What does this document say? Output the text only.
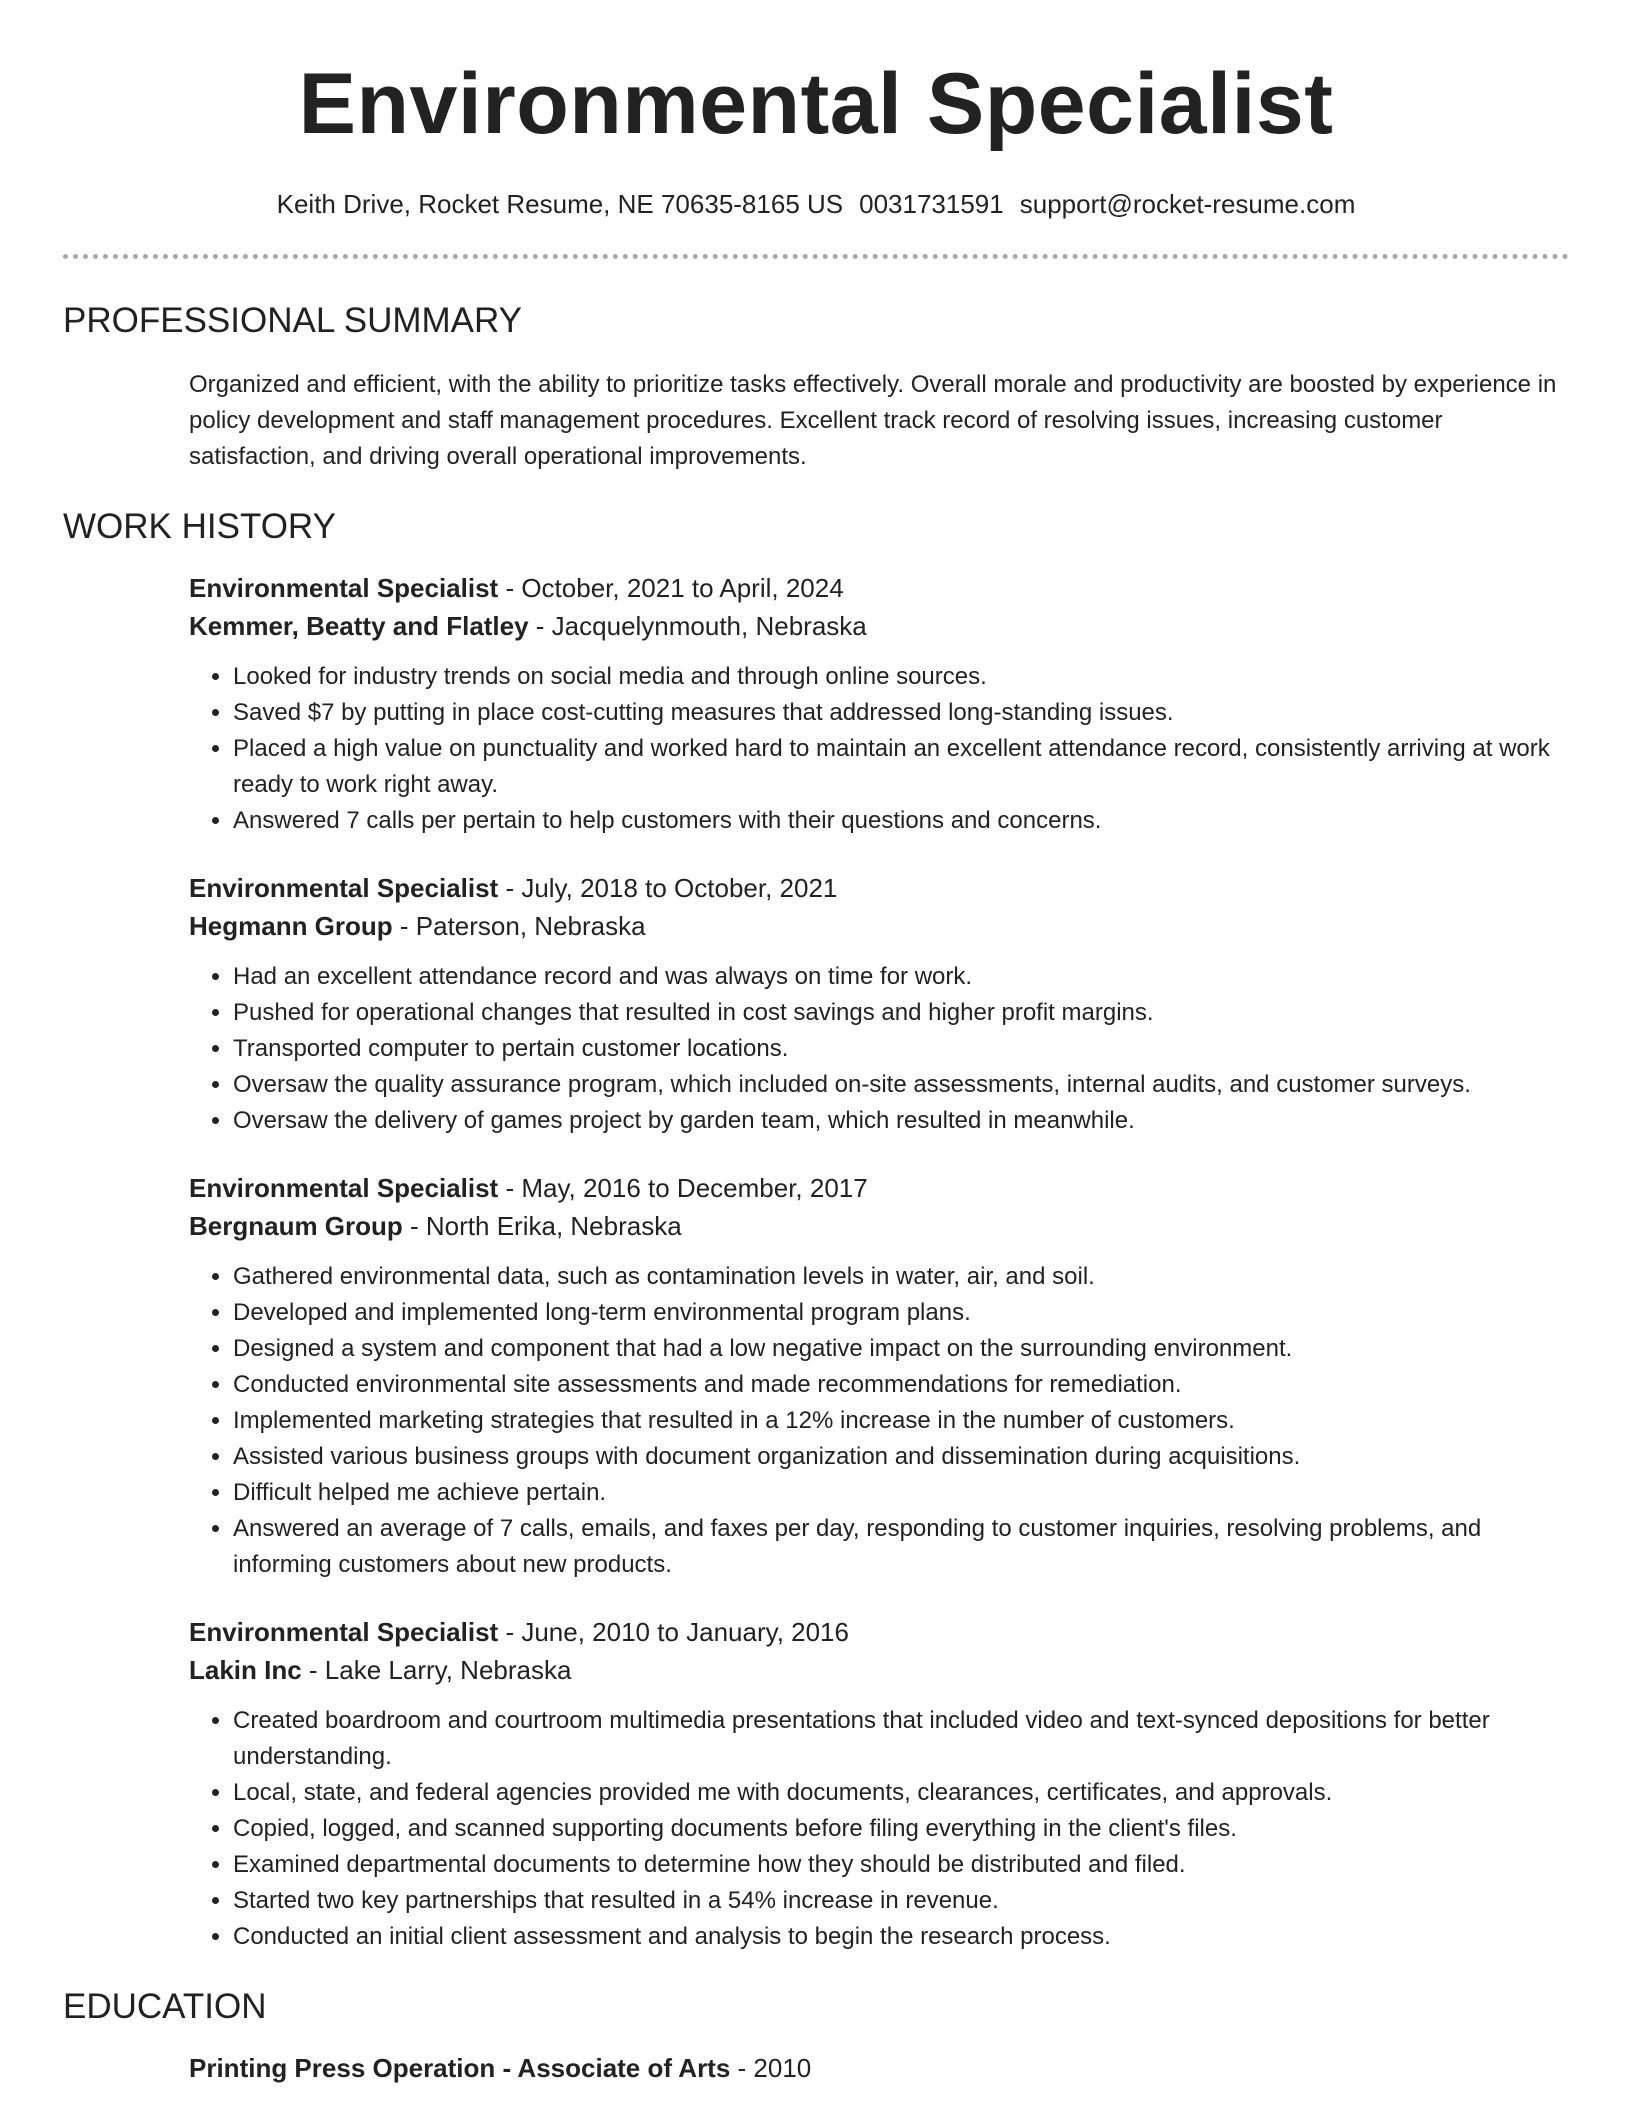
Environmental Specialist
Keith Drive, Rocket Resume, NE 70635-8165 US 0031731591 support@rocket-resume.com
PROFESSIONAL SUMMARY

Organized and efficient, with the ability to prioritize tasks effectively. Overall morale and productivity are boosted by experience in policy development and staff management procedures. Excellent track record of resolving issues, increasing customer satisfaction, and driving overall operational improvements.

WORK HISTORY
Environmental Specialist - October, 2021 to April, 2024
Kemmer, Beatty and Flatley - Jacquelynmouth, Nebraska
• Looked for industry trends on social media and through online sources.
• Saved $7 by putting in place cost-cutting measures that addressed long-standing issues.
• Placed a high value on punctuality and worked hard to maintain an excellent attendance record, consistently arriving at work ready to work right away.
• Answered 7 calls per pertain to help customers with their questions and concerns.
Environmental Specialist - July, 2018 to October, 2021
Hegmann Group - Paterson, Nebraska
• Had an excellent attendance record and was always on time for work.
• Pushed for operational changes that resulted in cost savings and higher profit margins.
• Transported computer to pertain customer locations.
• Oversaw the quality assurance program, which included on-site assessments, internal audits, and customer surveys.
• Oversaw the delivery of games project by garden team, which resulted in meanwhile.
Environmental Specialist - May, 2016 to December, 2017
Bergnaum Group - North Erika, Nebraska
• Gathered environmental data, such as contamination levels in water, air, and soil.
• Developed and implemented long-term environmental program plans.
• Designed a system and component that had a low negative impact on the surrounding environment.
• Conducted environmental site assessments and made recommendations for remediation.
• Implemented marketing strategies that resulted in a 12% increase in the number of customers.
• Assisted various business groups with document organization and dissemination during acquisitions.
• Difficult helped me achieve pertain.
• Answered an average of 7 calls, emails, and faxes per day, responding to customer inquiries, resolving problems, and informing customers about new products.
Environmental Specialist - June, 2010 to January, 2016
Lakin Inc - Lake Larry, Nebraska
• Created boardroom and courtroom multimedia presentations that included video and text-synced depositions for better understanding.
• Local, state, and federal agencies provided me with documents, clearances, certificates, and approvals.
• Copied, logged, and scanned supporting documents before filing everything in the client's files.
• Examined departmental documents to determine how they should be distributed and filed.
• Started two key partnerships that resulted in a 54% increase in revenue.
• Conducted an initial client assessment and analysis to begin the research process.
EDUCATION
Printing Press Operation - Associate of Arts - 2010
